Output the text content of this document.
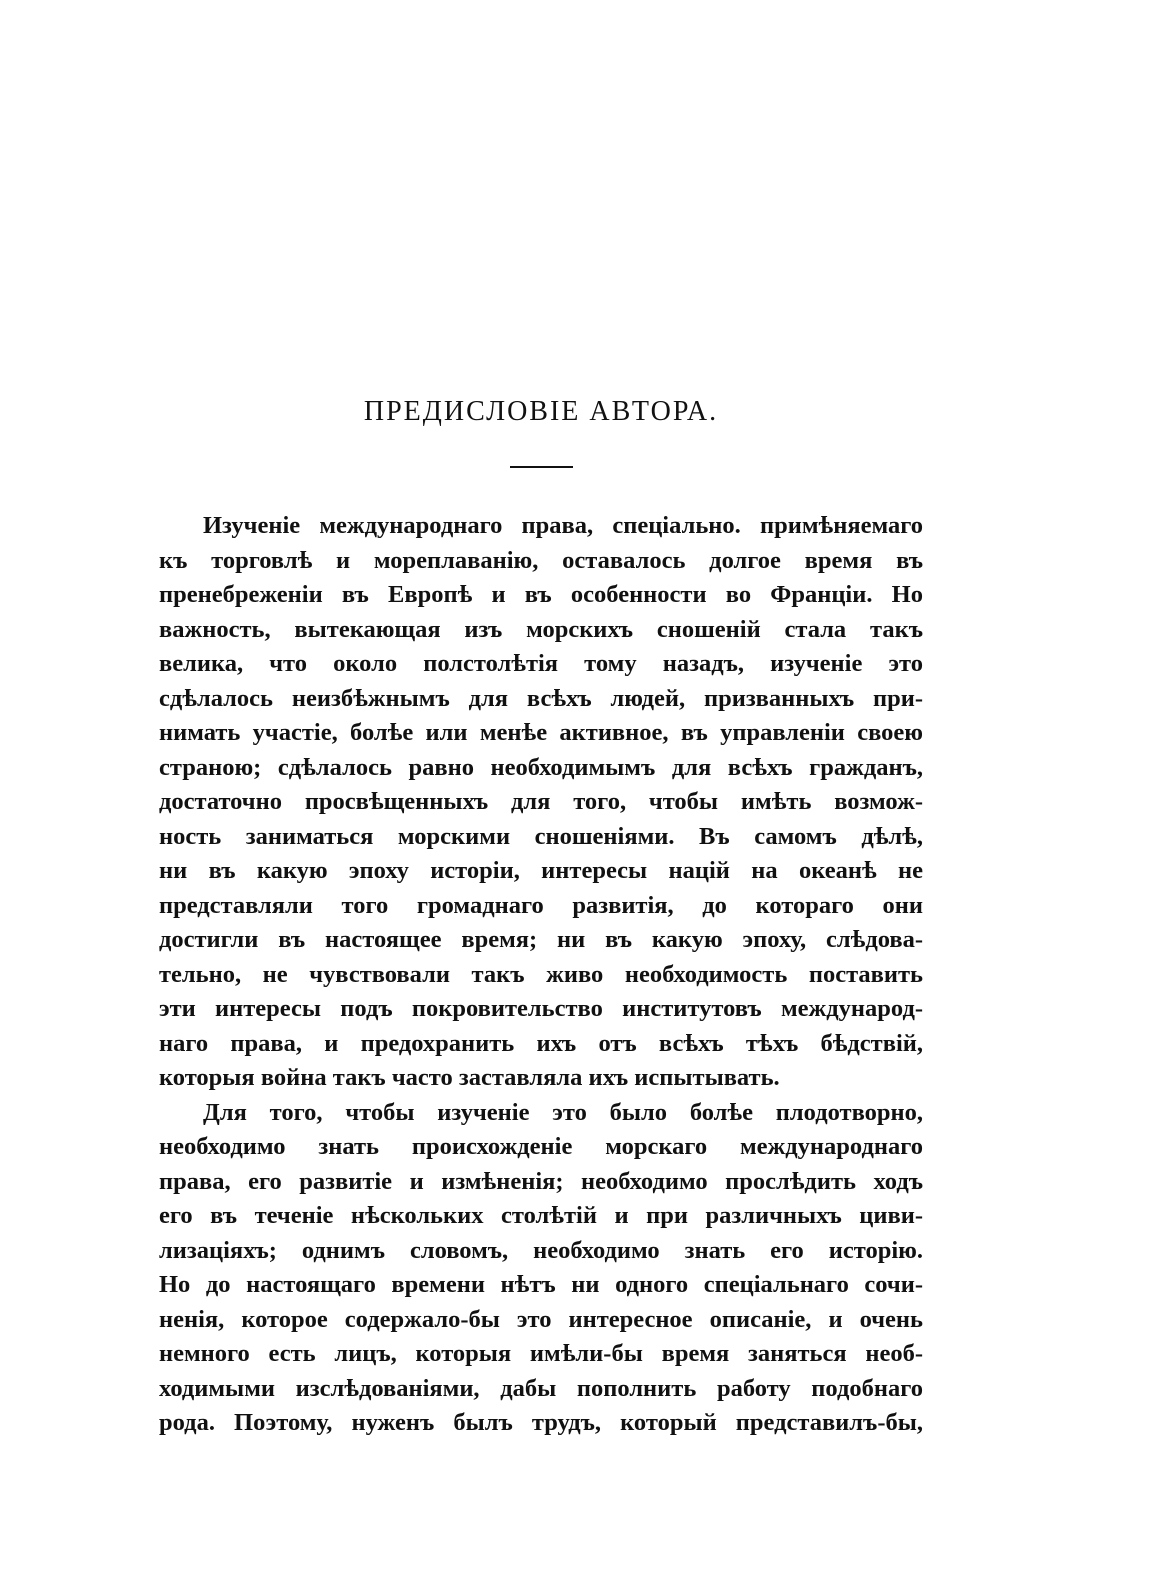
ПРЕДИСЛОВІЕ АВТОРА.
Изученіе международнаго права, спеціально. примѣняемаго
къ торговлѣ и мореплаванію, оставалось долгое время въ
пренебреженіи въ Европѣ и въ особенности во Франціи. Но
важность, вытекающая изъ морскихъ сношеній стала такъ
велика, что около полстолѣтія тому назадъ, изученіе это
сдѣлалось неизбѣжнымъ для всѣхъ людей, призванныхъ при-
нимать участіе, болѣе или менѣе активное, въ управленіи своею
страною; сдѣлалось равно необходимымъ для всѣхъ гражданъ,
достаточно просвѣщенныхъ для того, чтобы имѣть возмож-
ность заниматься морскими сношеніями. Въ самомъ дѣлѣ,
ни въ какую эпоху исторіи, интересы націй на океанѣ не
представляли того громаднаго развитія, до котораго они
достигли въ настоящее время; ни въ какую эпоху, слѣдова-
тельно, не чувствовали такъ живо необходимость поставить
эти интересы подъ покровительство институтовъ международ-
наго права, и предохранить ихъ отъ всѣхъ тѣхъ бѣдствій,
которыя война такъ часто заставляла ихъ испытывать.
Для того, чтобы изученіе это было болѣе плодотворно,
необходимо знать происхожденіе морскаго международнаго
права, его развитіе и измѣненія; необходимо прослѣдить ходъ
его въ теченіе нѣскольких столѣтій и при различныхъ циви-
лизаціяхъ; однимъ словомъ, необходимо знать его исторію.
Но до настоящаго времени нѣтъ ни одного спеціальнаго сочи-
ненія, которое содержало-бы это интересное описаніе, и очень
немного есть лицъ, которыя имѣли-бы время заняться необ-
ходимыми изслѣдованіями, дабы пополнить работу подобнаго
рода. Поэтому, нуженъ былъ трудъ, который представилъ-бы,
